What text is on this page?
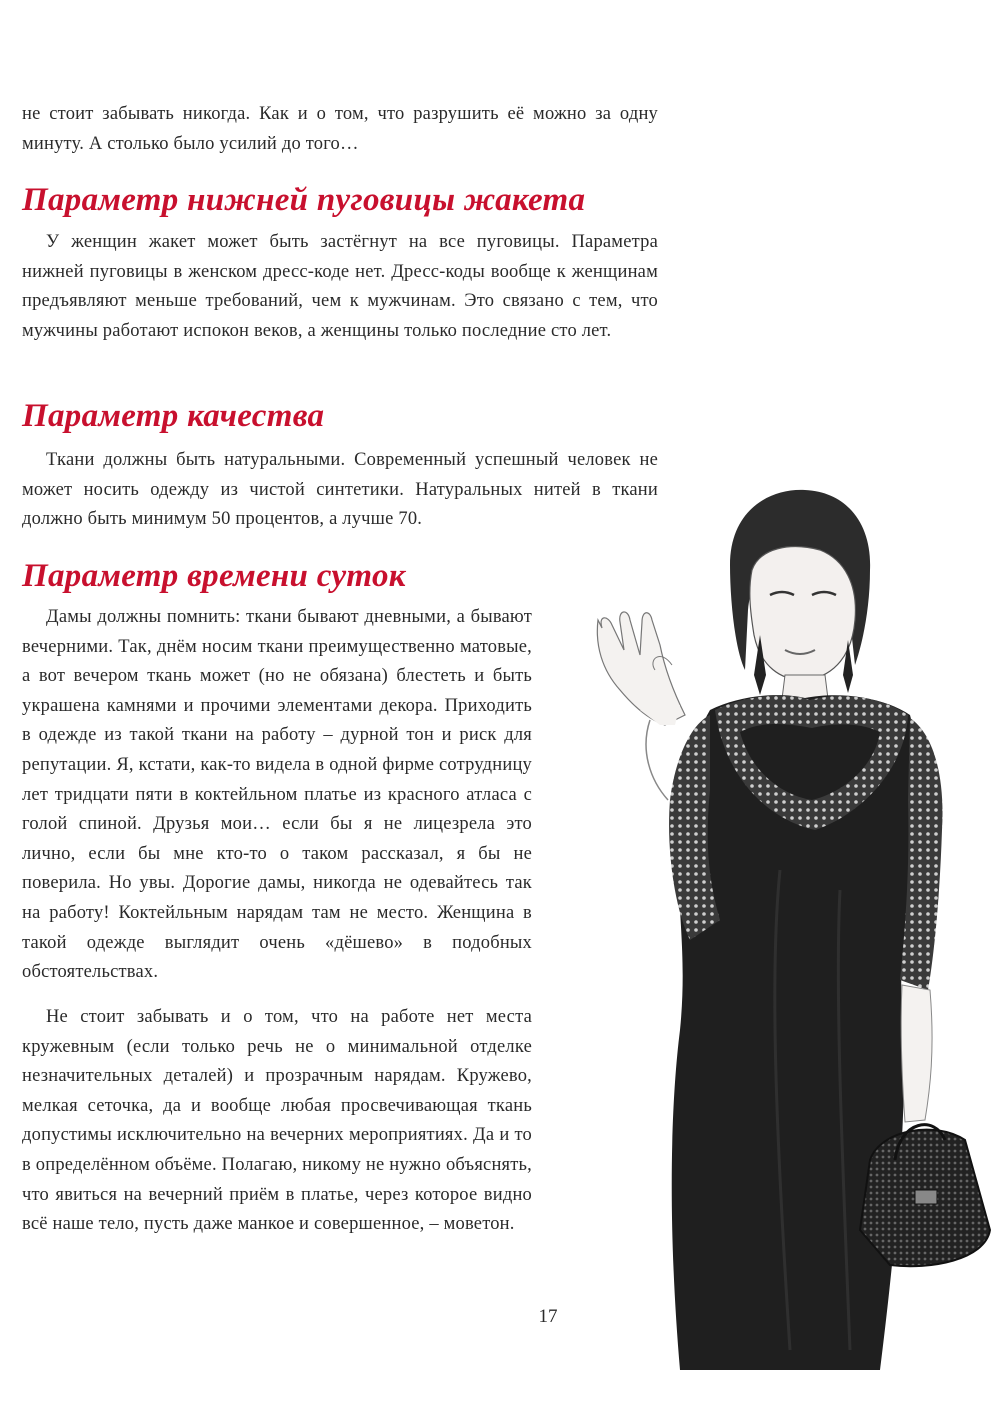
не стоит забывать никогда. Как и о том, что разрушить её можно за одну минуту. А столько было усилий до того…

Параметр нижней пуговицы жакета

У женщин жакет может быть застёгнут на все пуговицы. Параметра нижней пуговицы в женском дресс-коде нет. Дресс-коды вообще к женщинам предъявляют меньше требований, чем к мужчинам. Это связано с тем, что мужчины работают испокон веков, а женщины только последние сто лет.

Параметр качества

Ткани должны быть натуральными. Современный успешный человек не может носить одежду из чистой синтетики. Натуральных нитей в ткани должно быть минимум 50 процентов, а лучше 70.

Параметр времени суток

Дамы должны помнить: ткани бывают дневными, а бывают вечерними. Так, днём носим ткани преимущественно матовые, а вот вечером ткань может (но не обязана) блестеть и быть украшена камнями и прочими элементами декора. Приходить в одежде из такой ткани на работу – дурной тон и риск для репутации. Я, кстати, как-то видела в одной фирме сотрудницу лет тридцати пяти в коктейльном платье из красного атласа с голой спиной. Друзья мои… если бы я не лицезрела это лично, если бы мне кто-то о таком рассказал, я бы не поверила. Но увы. Дорогие дамы, никогда не одевайтесь так на работу! Коктейльным нарядам там не место. Женщина в такой одежде выглядит очень «дёшево» в подобных обстоятельствах.

Не стоит забывать и о том, что на работе нет места кружевным (если только речь не о минимальной отделке незначительных деталей) и прозрачным нарядам. Кружево, мелкая сеточка, да и вообще любая просвечивающая ткань допустимы исключительно на вечерних мероприятиях. Да и то в определённом объёме. Полагаю, никому не нужно объяснять, что явиться на вечерний приём в платье, через которое видно всё наше тело, пусть даже манкое и совершенное, – моветон.

17
